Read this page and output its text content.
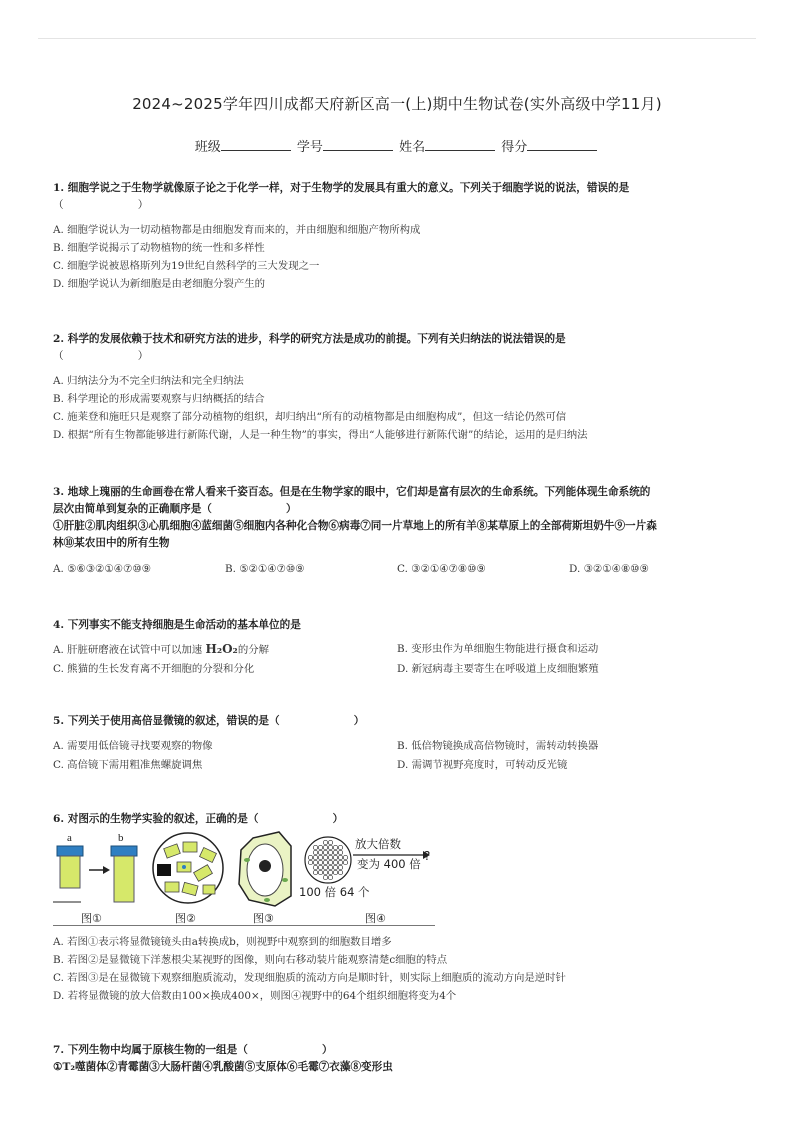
2024~2025学年四川成都天府新区高一(上)期中生物试卷(实外高级中学11月)
班级	学号	姓名	得分
1. 细胞学说之于生物学就像原子论之于化学一样，对于生物学的发展具有重大的意义。下列关于细胞学说的说法，错误的是
（　　　　　　　）
A. 细胞学说认为一切动植物都是由细胞发育而来的，并由细胞和细胞产物所构成
B. 细胞学说揭示了动物植物的统一性和多样性
C. 细胞学说被恩格斯列为19世纪自然科学的三大发现之一
D. 细胞学说认为新细胞是由老细胞分裂产生的
2. 科学的发展依赖于技术和研究方法的进步，科学的研究方法是成功的前提。下列有关归纳法的说法错误的是
（　　　　　　　）
A. 归纳法分为不完全归纳法和完全归纳法
B. 科学理论的形成需要观察与归纳概括的结合
C. 施莱登和施旺只是观察了部分动植物的组织，却归纳出“所有的动植物都是由细胞构成”，但这一结论仍然可信
D. 根据“所有生物都能够进行新陈代谢，人是一种生物”的事实，得出“人能够进行新陈代谢”的结论，运用的是归纳法
3. 地球上瑰丽的生命画卷在常人看来千姿百态。但是在生物学家的眼中，它们却是富有层次的生命系统。下列能体现生命系统的
层次由简单到复杂的正确顺序是（　　　　　　　）
①肝脏②肌肉组织③心肌细胞④蓝细菌⑤细胞内各种化合物⑥病毒⑦同一片草地上的所有羊⑧某草原上的全部荷斯坦奶牛⑨一片森
林⑩某农田中的所有生物
A. ⑤⑥③②①④⑦⑩⑨	B. ⑤②①④⑦⑩⑨	C. ③②①④⑦⑧⑩⑨	D. ③②①④⑧⑩⑨
4. 下列事实不能支持细胞是生命活动的基本单位的是
A. 肝脏研磨液在试管中可以加速 H₂O₂的分解	B. 变形虫作为单细胞生物能进行摄食和运动
C. 熊猫的生长发育离不开细胞的分裂和分化	D. 新冠病毒主要寄生在呼吸道上皮细胞繁殖
5. 下列关于使用高倍显微镜的叙述，错误的是（　　　　　　　）
A. 需要用低倍镜寻找要观察的物像	B. 低倍物镜换成高倍物镜时，需转动转换器
C. 高倍镜下需用粗准焦螺旋调焦	D. 需调节视野亮度时，可转动反光镜
6. 对图示的生物学实验的叙述，正确的是（　　　　　　　）
a	b
图①	图②	图③
放大倍数
变为 400 倍
?
100 倍 64 个
图④
A. 若图①表示将显微镜镜头由a转换成b，则视野中观察到的细胞数目增多
B. 若图②是显微镜下洋葱根尖某视野的图像，则向右移动装片能观察清楚c细胞的特点
C. 若图③是在显微镜下观察细胞质流动，发现细胞质的流动方向是顺时针，则实际上细胞质的流动方向是逆时针
D. 若将显微镜的放大倍数由100×换成400×，则图④视野中的64个组织细胞将变为4个
7. 下列生物中均属于原核生物的一组是（　　　　　　　）
①T₂噬菌体②青霉菌③大肠杆菌④乳酸菌⑤支原体⑥毛霉⑦衣藻⑧变形虫
